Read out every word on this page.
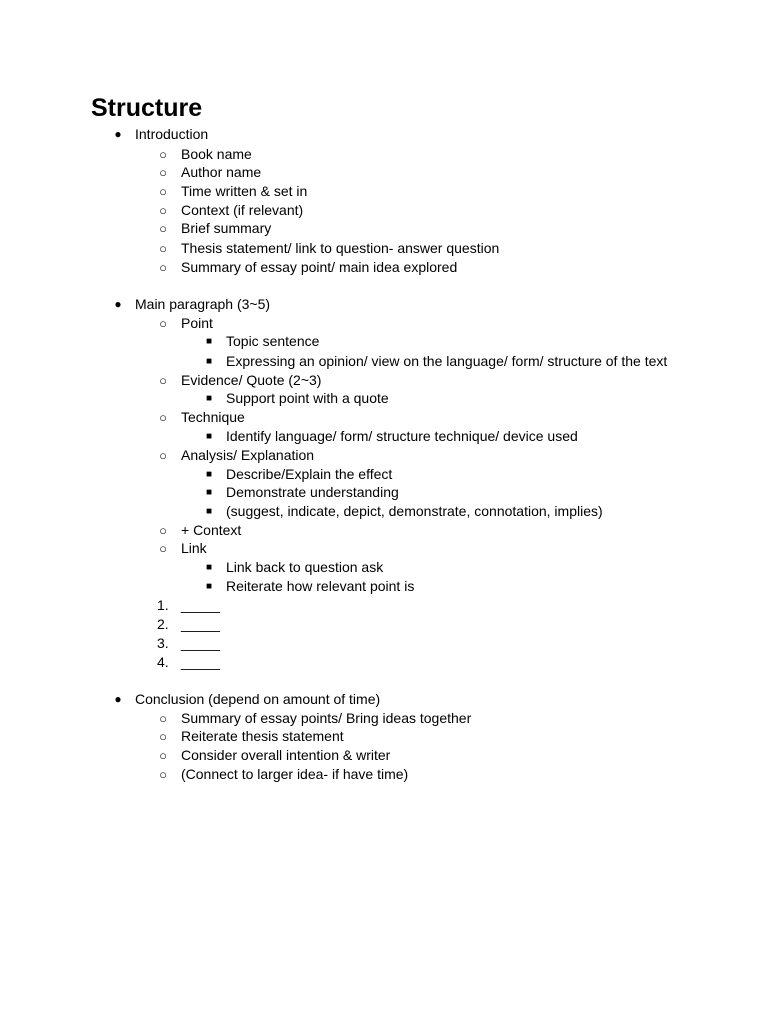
Structure
● Introduction
○ Book name
○ Author name
○ Time written & set in
○ Context (if relevant)
○ Brief summary
○ Thesis statement/ link to question- answer question
○ Summary of essay point/ main idea explored
● Main paragraph (3~5)
○ Point
■ Topic sentence
■ Expressing an opinion/ view on the language/ form/ structure of the text
○ Evidence/ Quote (2~3)
■ Support point with a quote
○ Technique
■ Identify language/ form/ structure technique/ device used
○ Analysis/ Explanation
■ Describe/Explain the effect
■ Demonstrate understanding
■ (suggest, indicate, depict, demonstrate, connotation, implies)
○ + Context
○ Link
■ Link back to question ask
■ Reiterate how relevant point is
1. _____
2. _____
3. _____
4. _____
● Conclusion (depend on amount of time)
○ Summary of essay points/ Bring ideas together
○ Reiterate thesis statement
○ Consider overall intention & writer
○ (Connect to larger idea- if have time)
